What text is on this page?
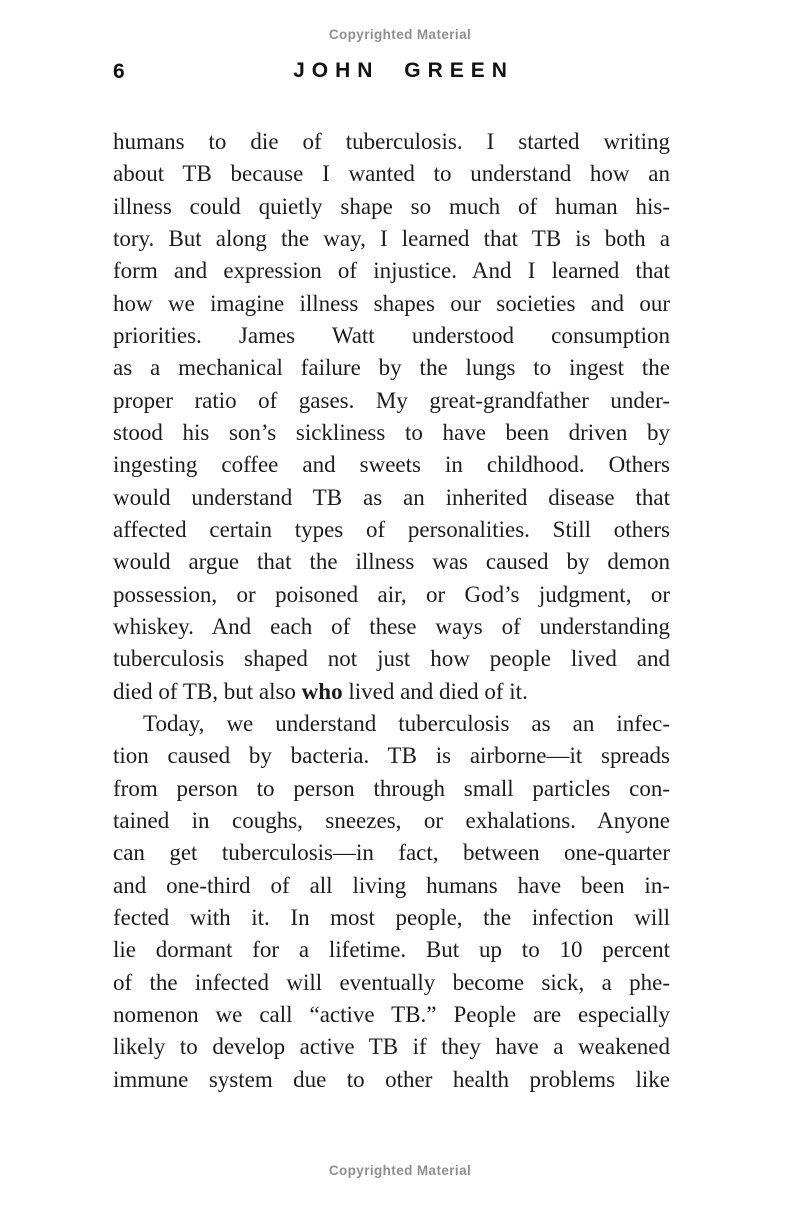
Copyrighted Material
6	JOHN GREEN
humans to die of tuberculosis. I started writing
about TB because I wanted to understand how an
illness could quietly shape so much of human his-
tory. But along the way, I learned that TB is both a
form and expression of injustice. And I learned that
how we imagine illness shapes our societies and our
priorities. James Watt understood consumption
as a mechanical failure by the lungs to ingest the
proper ratio of gases. My great-grandfather under-
stood his son’s sickliness to have been driven by
ingesting coffee and sweets in childhood. Others
would understand TB as an inherited disease that
affected certain types of personalities. Still others
would argue that the illness was caused by demon
possession, or poisoned air, or God’s judgment, or
whiskey. And each of these ways of understanding
tuberculosis shaped not just how people lived and
died of TB, but also who lived and died of it.
Today, we understand tuberculosis as an infec-
tion caused by bacteria. TB is airborne—it spreads
from person to person through small particles con-
tained in coughs, sneezes, or exhalations. Anyone
can get tuberculosis—in fact, between one-quarter
and one-third of all living humans have been in-
fected with it. In most people, the infection will
lie dormant for a lifetime. But up to 10 percent
of the infected will eventually become sick, a phe-
nomenon we call “active TB.” People are especially
likely to develop active TB if they have a weakened
immune system due to other health problems like
Copyrighted Material
